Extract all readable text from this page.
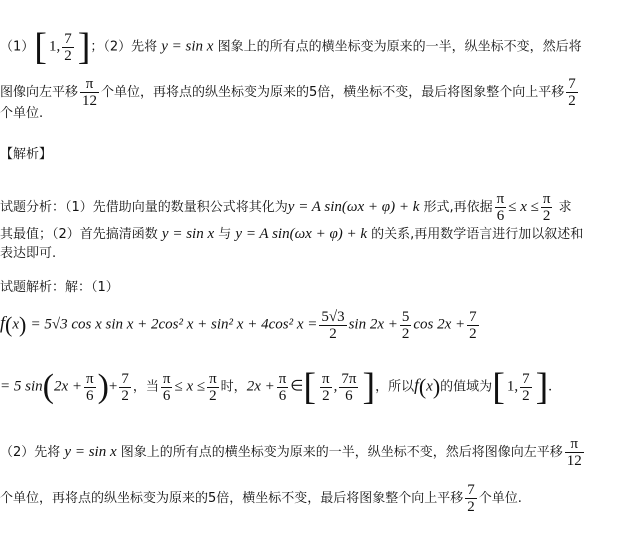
（1）[ 1, $\frac{7}{2}$ ]；（2）先将 y = sin x 图象上的所有点的横坐标变为原来的一半，纵坐标不变，然后将
图像向左平移 $\frac{\pi}{12}$ 个单位，再将点的纵坐标变为原来的5倍，横坐标不变，最后将图象整个向上平移 $\frac{7}{2}$
个单位.
【解析】
试题分析：（1）先借助向量的数量积公式将其化为y = A sin(ωx + φ) + k 形式,再依据 $\frac{\pi}{6} \le x \le \frac{\pi}{2}$ 求
其最值；（2）首先搞清函数 y = sin x 与 y = A sin(ωx + φ) + k 的关系,再用数学语言进行加以叙述和
表达即可.
试题解析：解：（1）
f(x) = 5√3 cos x sin x + 2cos² x + sin² x + 4cos² $x = \frac{5√3}{2}$ $\sin 2x + \frac{5}{2}$ $\cos 2x + \frac{7}{2}$
= 5 $\sin(2x + \frac{\pi}{6}$ )+ $\frac{7}{2}$ ，当 $\frac{\pi}{6} \le x \le \frac{\pi}{2}$ 时，$2x + \frac{\pi}{6}$ ∈[ $\frac{\pi}{2}$ , $\frac{7\pi}{6}$ ]，所以f(x)的值域为[ 1, $\frac{7}{2}$ ].
（2）先将 y = sin x 图象上的所有点的横坐标变为原来的一半，纵坐标不变，然后将图像向左平移 $\frac{\pi}{12}$
个单位，再将点的纵坐标变为原来的5倍，横坐标不变，最后将图象整个向上平移 $\frac{7}{2}$ 个单位.
